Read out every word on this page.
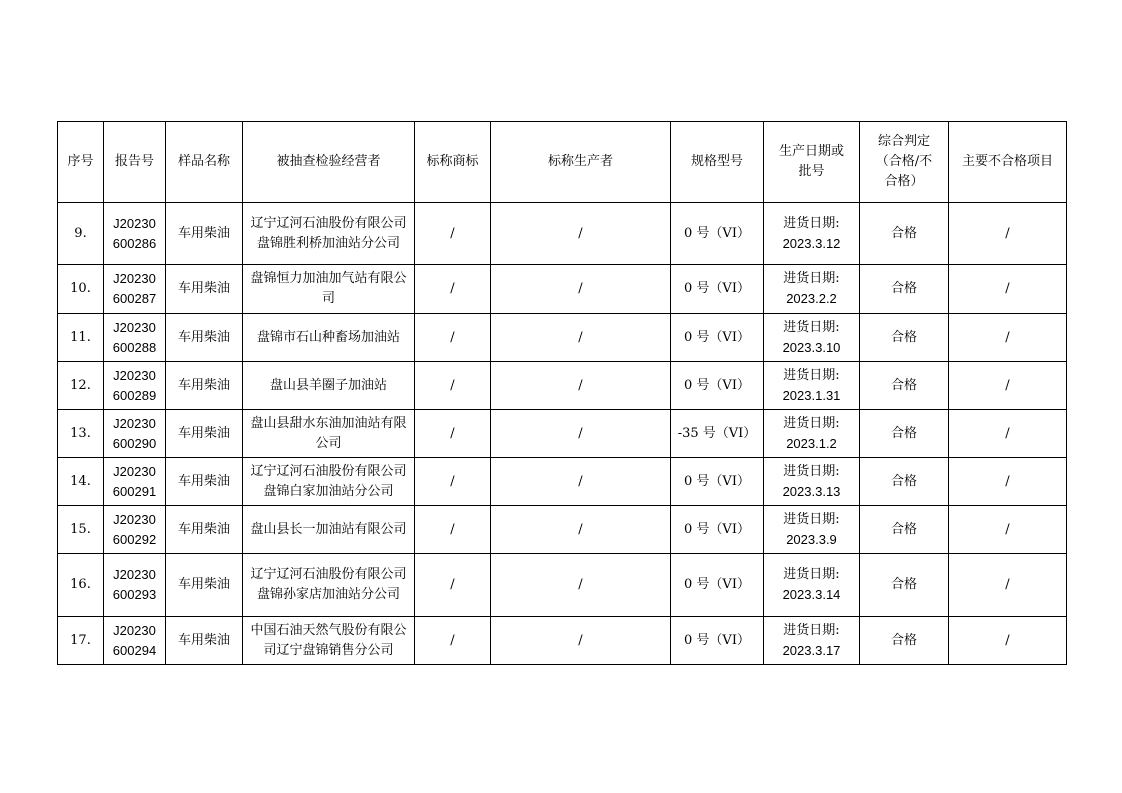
序号	报告号	样品名称	被抽查检验经营者	标称商标	标称生产者	规格型号	生产日期或
批号	综合判定
（合格/不
合格）	主要不合格项目
9.	J20230
600286	车用柴油	辽宁辽河石油股份有限公司盘锦胜利桥加油站分公司	/	/	0 号（VI）	进货日期:
2023.3.12	合格	/
10.	J20230
600287	车用柴油	盘锦恒力加油加气站有限公司	/	/	0 号（VI）	进货日期:
2023.2.2	合格	/
11.	J20230
600288	车用柴油	盘锦市石山种畜场加油站	/	/	0 号（VI）	进货日期:
2023.3.10	合格	/
12.	J20230
600289	车用柴油	盘山县羊圈子加油站	/	/	0 号（VI）	进货日期:
2023.1.31	合格	/
13.	J20230
600290	车用柴油	盘山县甜水东油加油站有限公司	/	/	-35 号（VI）	进货日期:
2023.1.2	合格	/
14.	J20230
600291	车用柴油	辽宁辽河石油股份有限公司盘锦白家加油站分公司	/	/	0 号（VI）	进货日期:
2023.3.13	合格	/
15.	J20230
600292	车用柴油	盘山县长一加油站有限公司	/	/	0 号（VI）	进货日期:
2023.3.9	合格	/
16.	J20230
600293	车用柴油	辽宁辽河石油股份有限公司盘锦孙家店加油站分公司	/	/	0 号（VI）	进货日期:
2023.3.14	合格	/
17.	J20230
600294	车用柴油	中国石油天然气股份有限公司辽宁盘锦销售分公司	/	/	0 号（VI）	进货日期:
2023.3.17	合格	/
